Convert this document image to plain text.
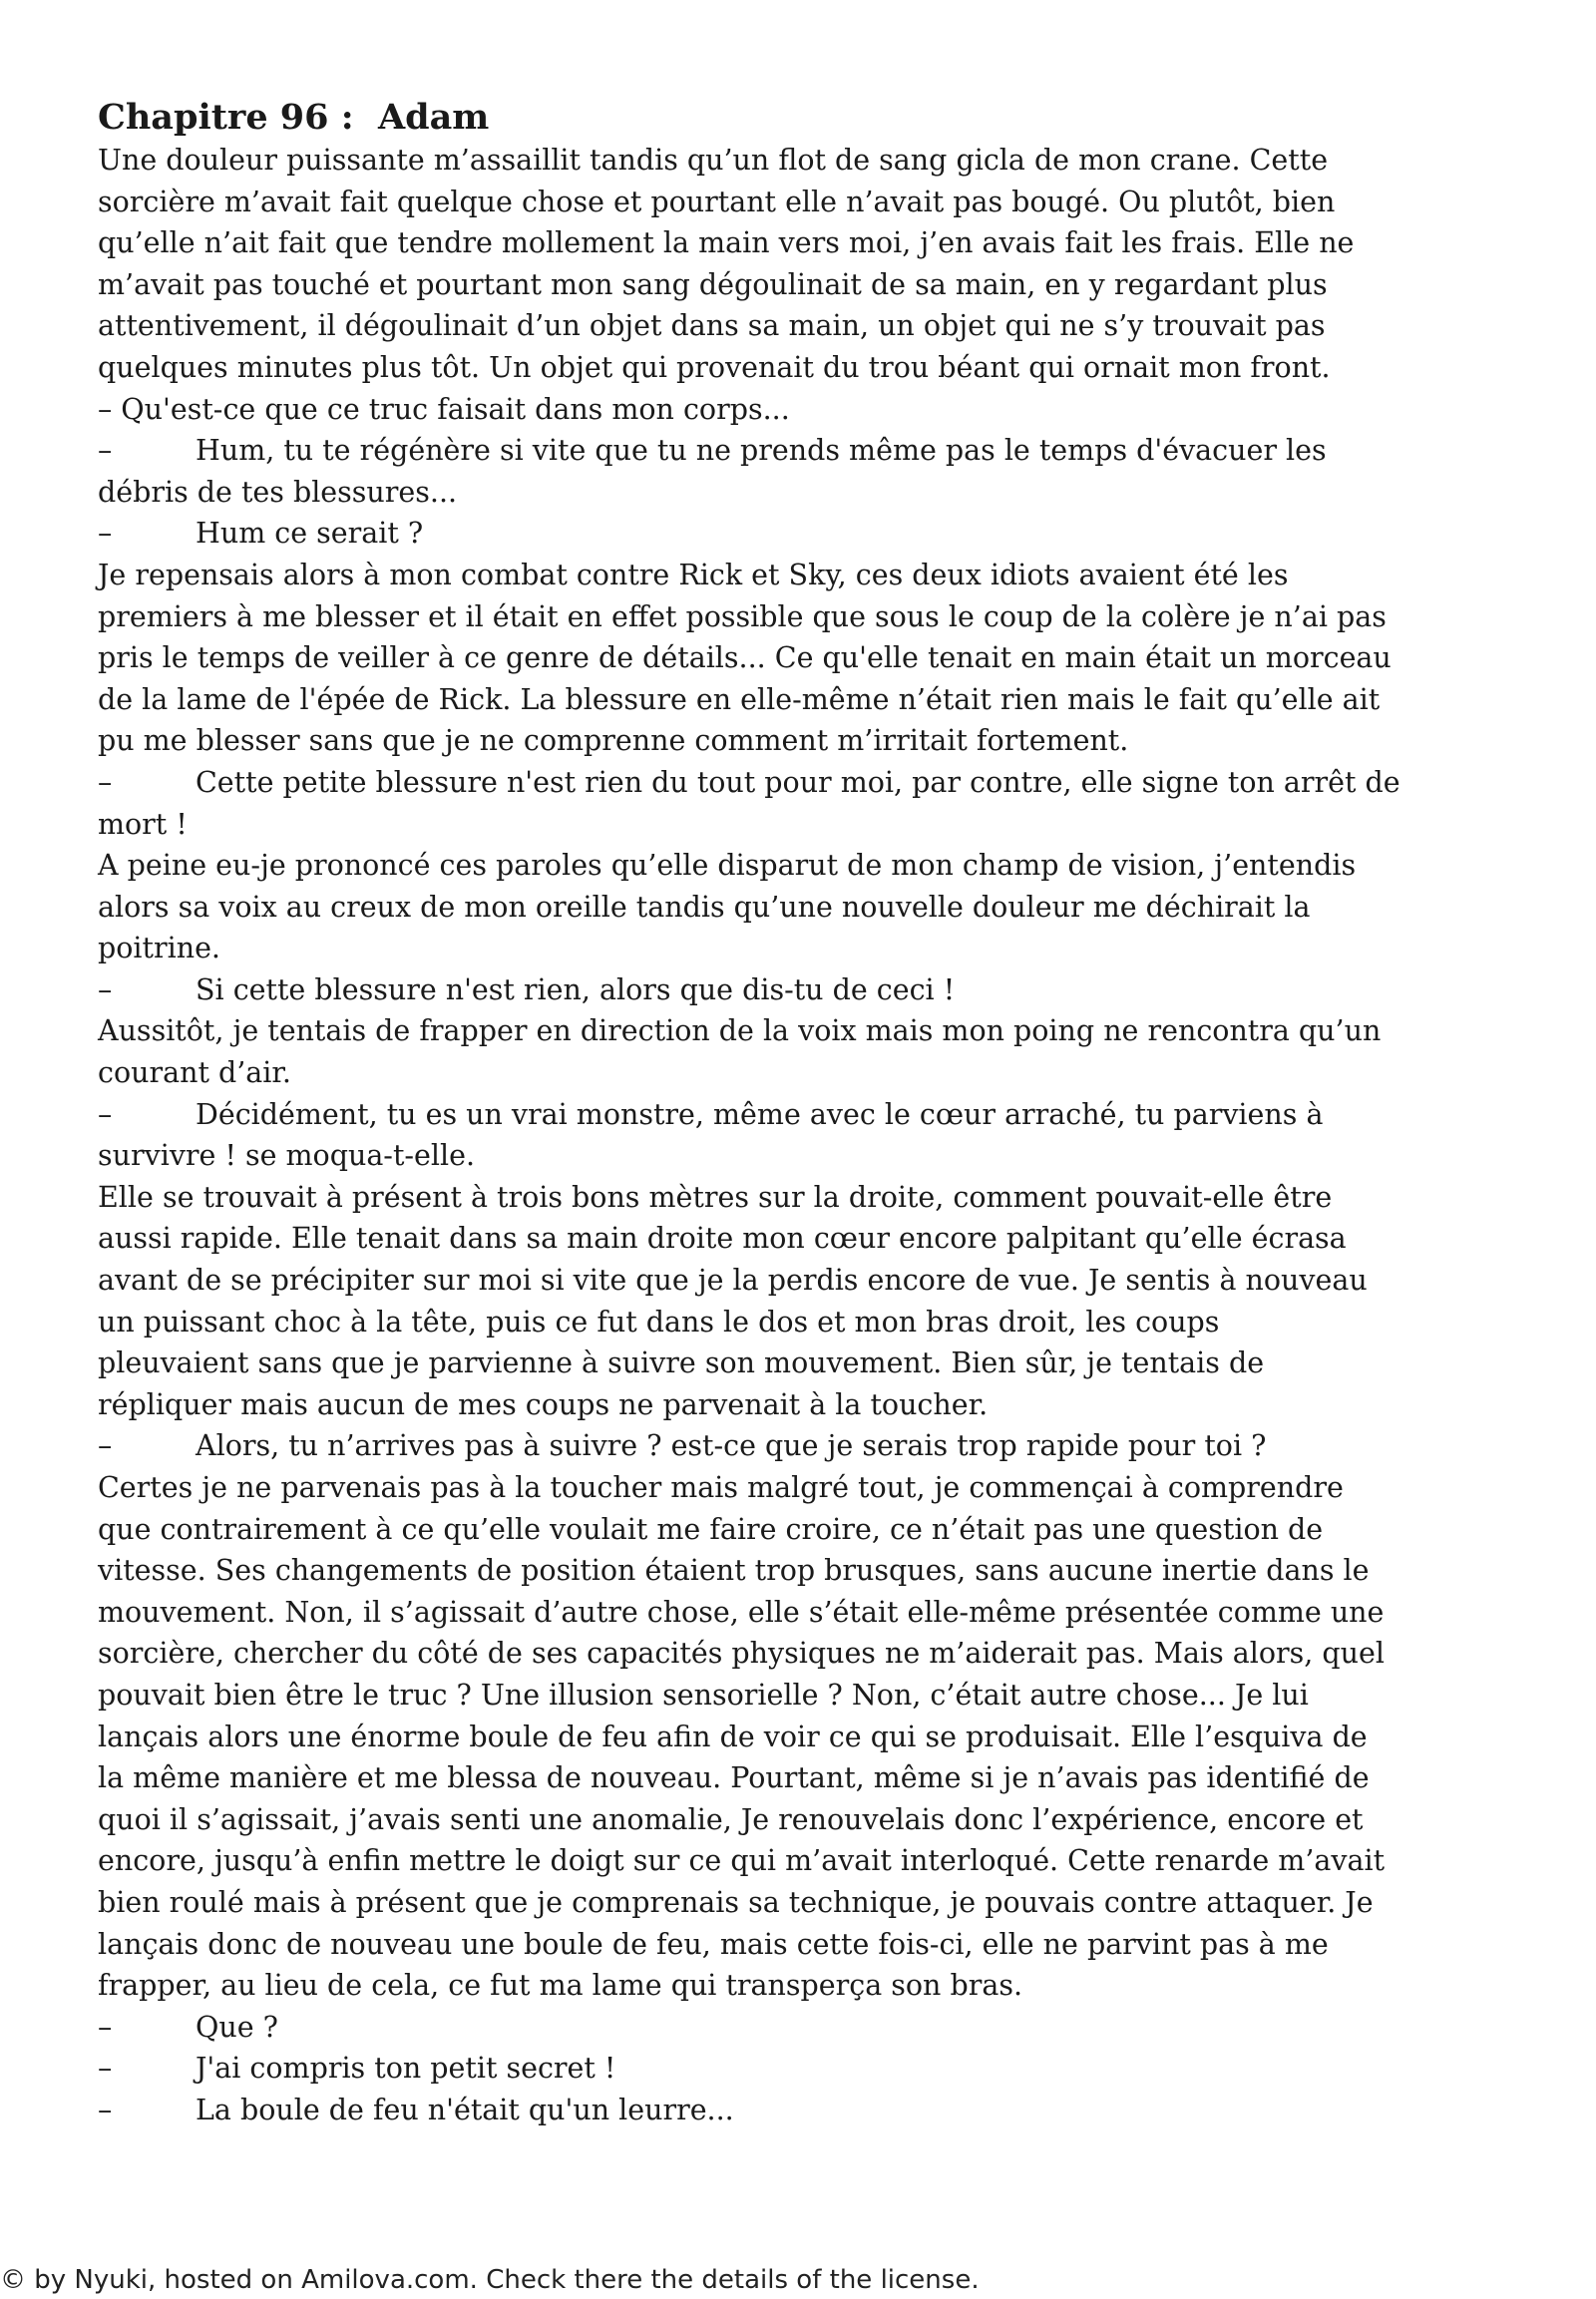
Chapitre 96 :  Adam
Une douleur puissante m’assaillit tandis qu’un flot de sang gicla de mon crane. Cette
sorcière m’avait fait quelque chose et pourtant elle n’avait pas bougé. Ou plutôt, bien
qu’elle n’ait fait que tendre mollement la main vers moi, j’en avais fait les frais. Elle ne
m’avait pas touché et pourtant mon sang dégoulinait de sa main, en y regardant plus
attentivement, il dégoulinait d’un objet dans sa main, un objet qui ne s’y trouvait pas
quelques minutes plus tôt. Un objet qui provenait du trou béant qui ornait mon front.
– Qu'est-ce que ce truc faisait dans mon corps...
–	Hum, tu te régénère si vite que tu ne prends même pas le temps d'évacuer les
débris de tes blessures...
–	Hum ce serait ?
Je repensais alors à mon combat contre Rick et Sky, ces deux idiots avaient été les
premiers à me blesser et il était en effet possible que sous le coup de la colère je n’ai pas
pris le temps de veiller à ce genre de détails... Ce qu'elle tenait en main était un morceau
de la lame de l'épée de Rick. La blessure en elle-même n’était rien mais le fait qu’elle ait
pu me blesser sans que je ne comprenne comment m’irritait fortement.
–	Cette petite blessure n'est rien du tout pour moi, par contre, elle signe ton arrêt de
mort !
A peine eu-je prononcé ces paroles qu’elle disparut de mon champ de vision, j’entendis
alors sa voix au creux de mon oreille tandis qu’une nouvelle douleur me déchirait la
poitrine.
–	Si cette blessure n'est rien, alors que dis-tu de ceci !
Aussitôt, je tentais de frapper en direction de la voix mais mon poing ne rencontra qu’un
courant d’air.
–	Décidément, tu es un vrai monstre, même avec le cœur arraché, tu parviens à
survivre ! se moqua-t-elle.
Elle se trouvait à présent à trois bons mètres sur la droite, comment pouvait-elle être
aussi rapide. Elle tenait dans sa main droite mon cœur encore palpitant qu’elle écrasa
avant de se précipiter sur moi si vite que je la perdis encore de vue. Je sentis à nouveau
un puissant choc à la tête, puis ce fut dans le dos et mon bras droit, les coups
pleuvaient sans que je parvienne à suivre son mouvement. Bien sûr, je tentais de
répliquer mais aucun de mes coups ne parvenait à la toucher.
–	Alors, tu n’arrives pas à suivre ? est-ce que je serais trop rapide pour toi ?
Certes je ne parvenais pas à la toucher mais malgré tout, je commençai à comprendre
que contrairement à ce qu’elle voulait me faire croire, ce n’était pas une question de
vitesse. Ses changements de position étaient trop brusques, sans aucune inertie dans le
mouvement. Non, il s’agissait d’autre chose, elle s’était elle-même présentée comme une
sorcière, chercher du côté de ses capacités physiques ne m’aiderait pas. Mais alors, quel
pouvait bien être le truc ? Une illusion sensorielle ? Non, c’était autre chose... Je lui
lançais alors une énorme boule de feu afin de voir ce qui se produisait. Elle l’esquiva de
la même manière et me blessa de nouveau. Pourtant, même si je n’avais pas identifié de
quoi il s’agissait, j’avais senti une anomalie, Je renouvelais donc l’expérience, encore et
encore, jusqu’à enfin mettre le doigt sur ce qui m’avait interloqué. Cette renarde m’avait
bien roulé mais à présent que je comprenais sa technique, je pouvais contre attaquer. Je
lançais donc de nouveau une boule de feu, mais cette fois-ci, elle ne parvint pas à me
frapper, au lieu de cela, ce fut ma lame qui transperça son bras.
–	Que ?
–	J'ai compris ton petit secret !
–	La boule de feu n'était qu'un leurre...
© by Nyuki, hosted on Amilova.com. Check there the details of the license.
